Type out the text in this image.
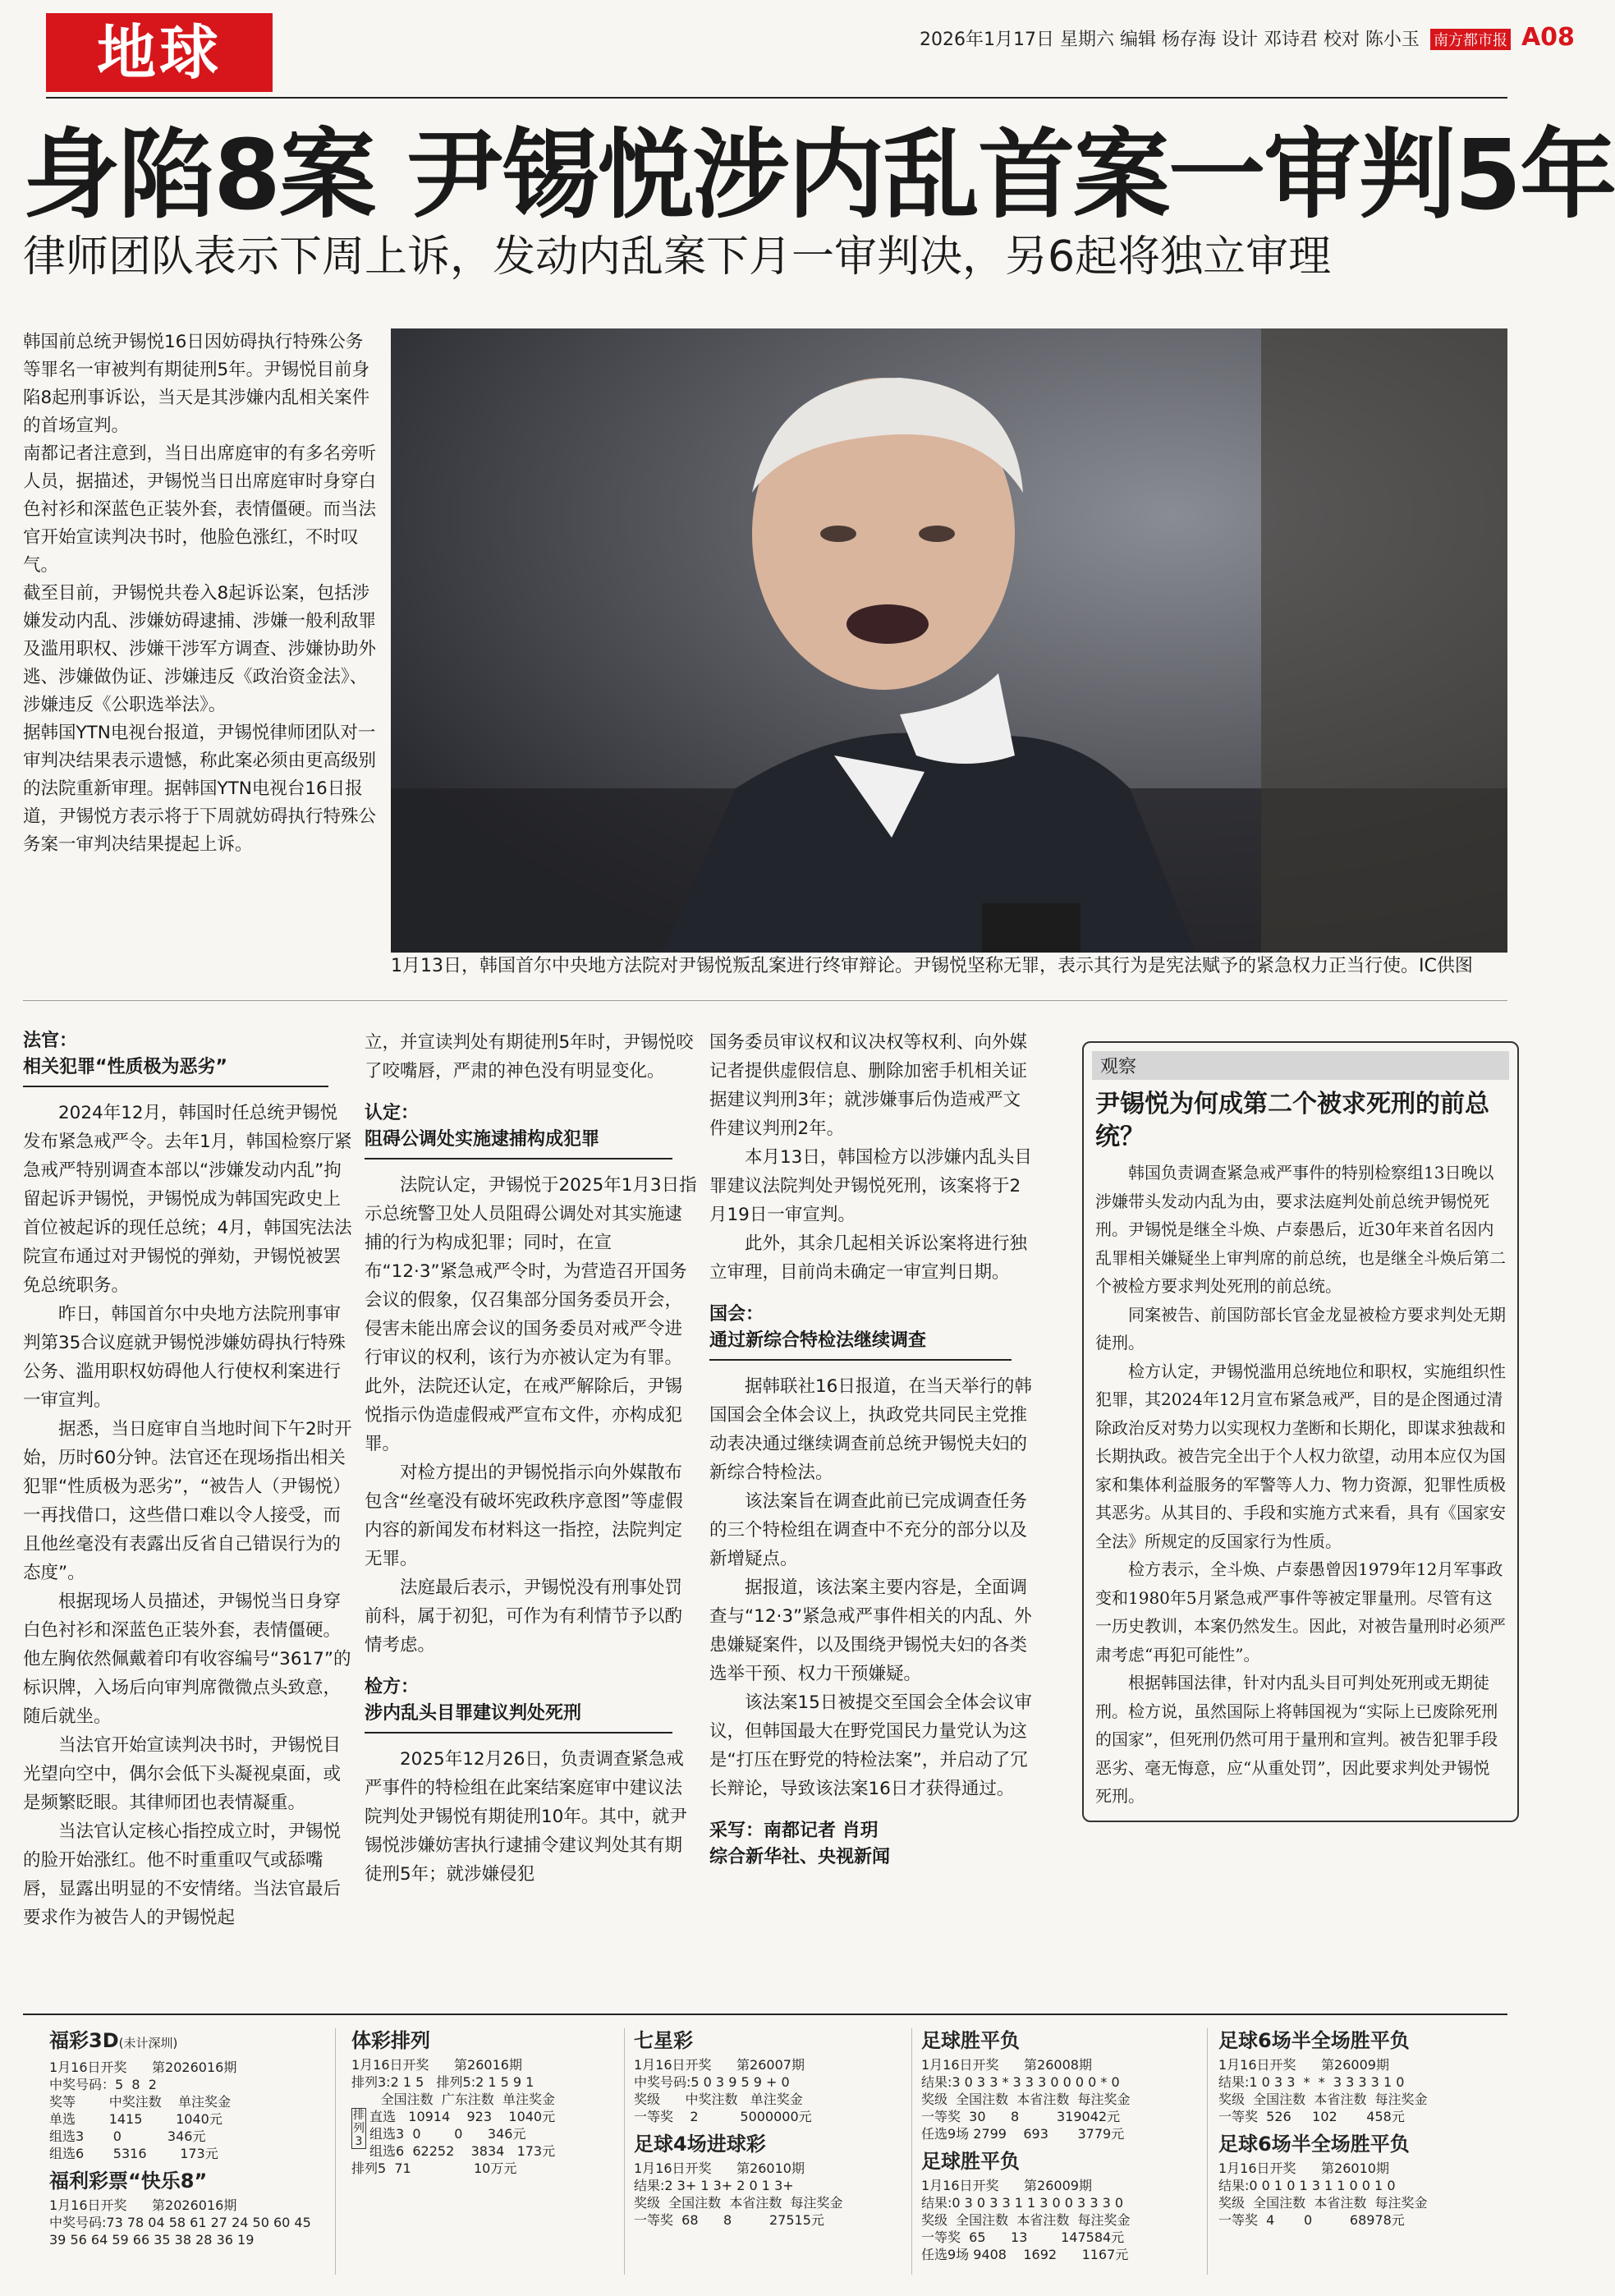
地球	2026年1月17日 星期六 编辑 杨存海 设计 邓诗君 校对 陈小玉 南方都市报 A08
身陷8案 尹锡悦涉内乱首案一审判5年
律师团队表示下周上诉，发动内乱案下月一审判决，另6起将独立审理

韩国前总统尹锡悦16日因妨碍执行特殊公务等罪名一审被判有期徒刑5年。尹锡悦目前身陷8起刑事诉讼，当天是其涉嫌内乱相关案件的首场宣判。

南都记者注意到，当日出席庭审的有多名旁听人员，据描述，尹锡悦当日出席庭审时身穿白色衬衫和深蓝色正装外套，表情僵硬。而当法官开始宣读判决书时，他脸色涨红，不时叹气。

截至目前，尹锡悦共卷入8起诉讼案，包括涉嫌发动内乱、涉嫌妨碍逮捕、涉嫌一般利敌罪及滥用职权、涉嫌干涉军方调查、涉嫌协助外逃、涉嫌做伪证、涉嫌违反《政治资金法》、涉嫌违反《公职选举法》。

据韩国YTN电视台报道，尹锡悦律师团队对一审判决结果表示遗憾，称此案必须由更高级别的法院重新审理。据韩国YTN电视台16日报道，尹锡悦方表示将于下周就妨碍执行特殊公务案一审判决结果提起上诉。

1月13日，韩国首尔中央地方法院对尹锡悦叛乱案进行终审辩论。尹锡悦坚称无罪，表示其行为是宪法赋予的紧急权力正当行使。IC供图
法官：
相关犯罪“性质极为恶劣”

2024年12月，韩国时任总统尹锡悦发布紧急戒严令。去年1月，韩国检察厅紧急戒严特别调查本部以“涉嫌发动内乱”拘留起诉尹锡悦，尹锡悦成为韩国宪政史上首位被起诉的现任总统；4月，韩国宪法法院宣布通过对尹锡悦的弹劾，尹锡悦被罢免总统职务。

昨日，韩国首尔中央地方法院刑事审判第35合议庭就尹锡悦涉嫌妨碍执行特殊公务、滥用职权妨碍他人行使权利案进行一审宣判。

据悉，当日庭审自当地时间下午2时开始，历时60分钟。法官还在现场指出相关犯罪“性质极为恶劣”，“被告人（尹锡悦）一再找借口，这些借口难以令人接受，而且他丝毫没有表露出反省自己错误行为的态度”。

根据现场人员描述，尹锡悦当日身穿白色衬衫和深蓝色正装外套，表情僵硬。他左胸依然佩戴着印有收容编号“3617”的标识牌，入场后向审判席微微点头致意，随后就坐。

当法官开始宣读判决书时，尹锡悦目光望向空中，偶尔会低下头凝视桌面，或是频繁眨眼。其律师团也表情凝重。

当法官认定核心指控成立时，尹锡悦的脸开始涨红。他不时重重叹气或舔嘴唇，显露出明显的不安情绪。当法官最后要求作为被告人的尹锡悦起

立，并宣读判处有期徒刑5年时，尹锡悦咬了咬嘴唇，严肃的神色没有明显变化。

认定：
阻碍公调处实施逮捕构成犯罪

法院认定，尹锡悦于2025年1月3日指示总统警卫处人员阻碍公调处对其实施逮捕的行为构成犯罪；同时，在宣布“12·3”紧急戒严令时，为营造召开国务会议的假象，仅召集部分国务委员开会，侵害未能出席会议的国务委员对戒严令进行审议的权利，该行为亦被认定为有罪。此外，法院还认定，在戒严解除后，尹锡悦指示伪造虚假戒严宣布文件，亦构成犯罪。

对检方提出的尹锡悦指示向外媒散布包含“丝毫没有破坏宪政秩序意图”等虚假内容的新闻发布材料这一指控，法院判定无罪。

法庭最后表示，尹锡悦没有刑事处罚前科，属于初犯，可作为有利情节予以酌情考虑。

检方：
涉内乱头目罪建议判处死刑

2025年12月26日，负责调查紧急戒严事件的特检组在此案结案庭审中建议法院判处尹锡悦有期徒刑10年。其中，就尹锡悦涉嫌妨害执行逮捕令建议判处其有期徒刑5年；就涉嫌侵犯

国务委员审议权和议决权等权利、向外媒记者提供虚假信息、删除加密手机相关证据建议判刑3年；就涉嫌事后伪造戒严文件建议判刑2年。

本月13日，韩国检方以涉嫌内乱头目罪建议法院判处尹锡悦死刑，该案将于2月19日一审宣判。

此外，其余几起相关诉讼案将进行独立审理，目前尚未确定一审宣判日期。

国会：
通过新综合特检法继续调查

据韩联社16日报道，在当天举行的韩国国会全体会议上，执政党共同民主党推动表决通过继续调查前总统尹锡悦夫妇的新综合特检法。

该法案旨在调查此前已完成调查任务的三个特检组在调查中不充分的部分以及新增疑点。

据报道，该法案主要内容是，全面调查与“12·3”紧急戒严事件相关的内乱、外患嫌疑案件，以及围绕尹锡悦夫妇的各类选举干预、权力干预嫌疑。

该法案15日被提交至国会全体会议审议，但韩国最大在野党国民力量党认为这是“打压在野党的特检法案”，并启动了冗长辩论，导致该法案16日才获得通过。

采写：南都记者 肖玥
综合新华社、央视新闻
观察
尹锡悦为何成第二个被求死刑的前总统？

韩国负责调查紧急戒严事件的特别检察组13日晚以涉嫌带头发动内乱为由，要求法庭判处前总统尹锡悦死刑。尹锡悦是继全斗焕、卢泰愚后，近30年来首名因内乱罪相关嫌疑坐上审判席的前总统，也是继全斗焕后第二个被检方要求判处死刑的前总统。

同案被告、前国防部长官金龙显被检方要求判处无期徒刑。

检方认定，尹锡悦滥用总统地位和职权，实施组织性犯罪，其2024年12月宣布紧急戒严，目的是企图通过清除政治反对势力以实现权力垄断和长期化，即谋求独裁和长期执政。被告完全出于个人权力欲望，动用本应仅为国家和集体利益服务的军警等人力、物力资源，犯罪性质极其恶劣。从其目的、手段和实施方式来看，具有《国家安全法》所规定的反国家行为性质。

检方表示，全斗焕、卢泰愚曾因1979年12月军事政变和1980年5月紧急戒严事件等被定罪量刑。尽管有这一历史教训，本案仍然发生。因此，对被告量刑时必须严肃考虑“再犯可能性”。

根据韩国法律，针对内乱头目可判处死刑或无期徒刑。检方说，虽然国际上将韩国视为“实际上已废除死刑的国家”，但死刑仍然可用于量刑和宣判。被告犯罪手段恶劣、毫无悔意，应“从重处罚”，因此要求判处尹锡悦死刑。

福彩3D(未计深圳)
1月16日开奖      第2026016期
中奖号码：5  8  2
奖等        中奖注数    单注奖金
单选        1415        1040元
组选3       0           346元
组选6       5316        173元
福利彩票“快乐8”
1月16日开奖      第2026016期
中奖号码:73 78 04 58 61 27 24 50 60 45
39 56 64 59 66 35 38 28 36 19
体彩排列
1月16日开奖      第26016期
排列3:2 1 5   排列5:2 1 5 9 1
全国注数  广东注数  单注奖金
排列3
直选   10914    923    1040元
组选3  0        0      346元
组选6  62252    3834   173元
排列5  71               10万元
七星彩
1月16日开奖      第26007期
中奖号码:5 0 3 9 5 9 + 0
奖级      中奖注数   单注奖金
一等奖    2          5000000元
足球4场进球彩
1月16日开奖      第26010期
结果:2 3+ 1 3+ 2 0 1 3+
奖级  全国注数  本省注数  每注奖金
一等奖  68      8         27515元
足球胜平负
1月16日开奖      第26008期
结果:3 0 3 3 * 3 3 3 0 0 0 0 * 0
奖级  全国注数  本省注数  每注奖金
一等奖  30      8         319042元
任选9场 2799    693       3779元
足球胜平负
1月16日开奖      第26009期
结果:0 3 0 3 3 1 1 3 0 0 3 3 3 0
奖级  全国注数  本省注数  每注奖金
一等奖  65      13        147584元
任选9场 9408    1692      1167元
足球6场半全场胜平负
1月16日开奖      第26009期
结果:1 0 3 3  *  *  3 3 3 3 1 0
奖级  全国注数  本省注数  每注奖金
一等奖  526     102       458元
足球6场半全场胜平负
1月16日开奖      第26010期
结果:0 0 1 0 1 3 1 1 0 0 1 0
奖级  全国注数  本省注数  每注奖金
一等奖  4       0         68978元
